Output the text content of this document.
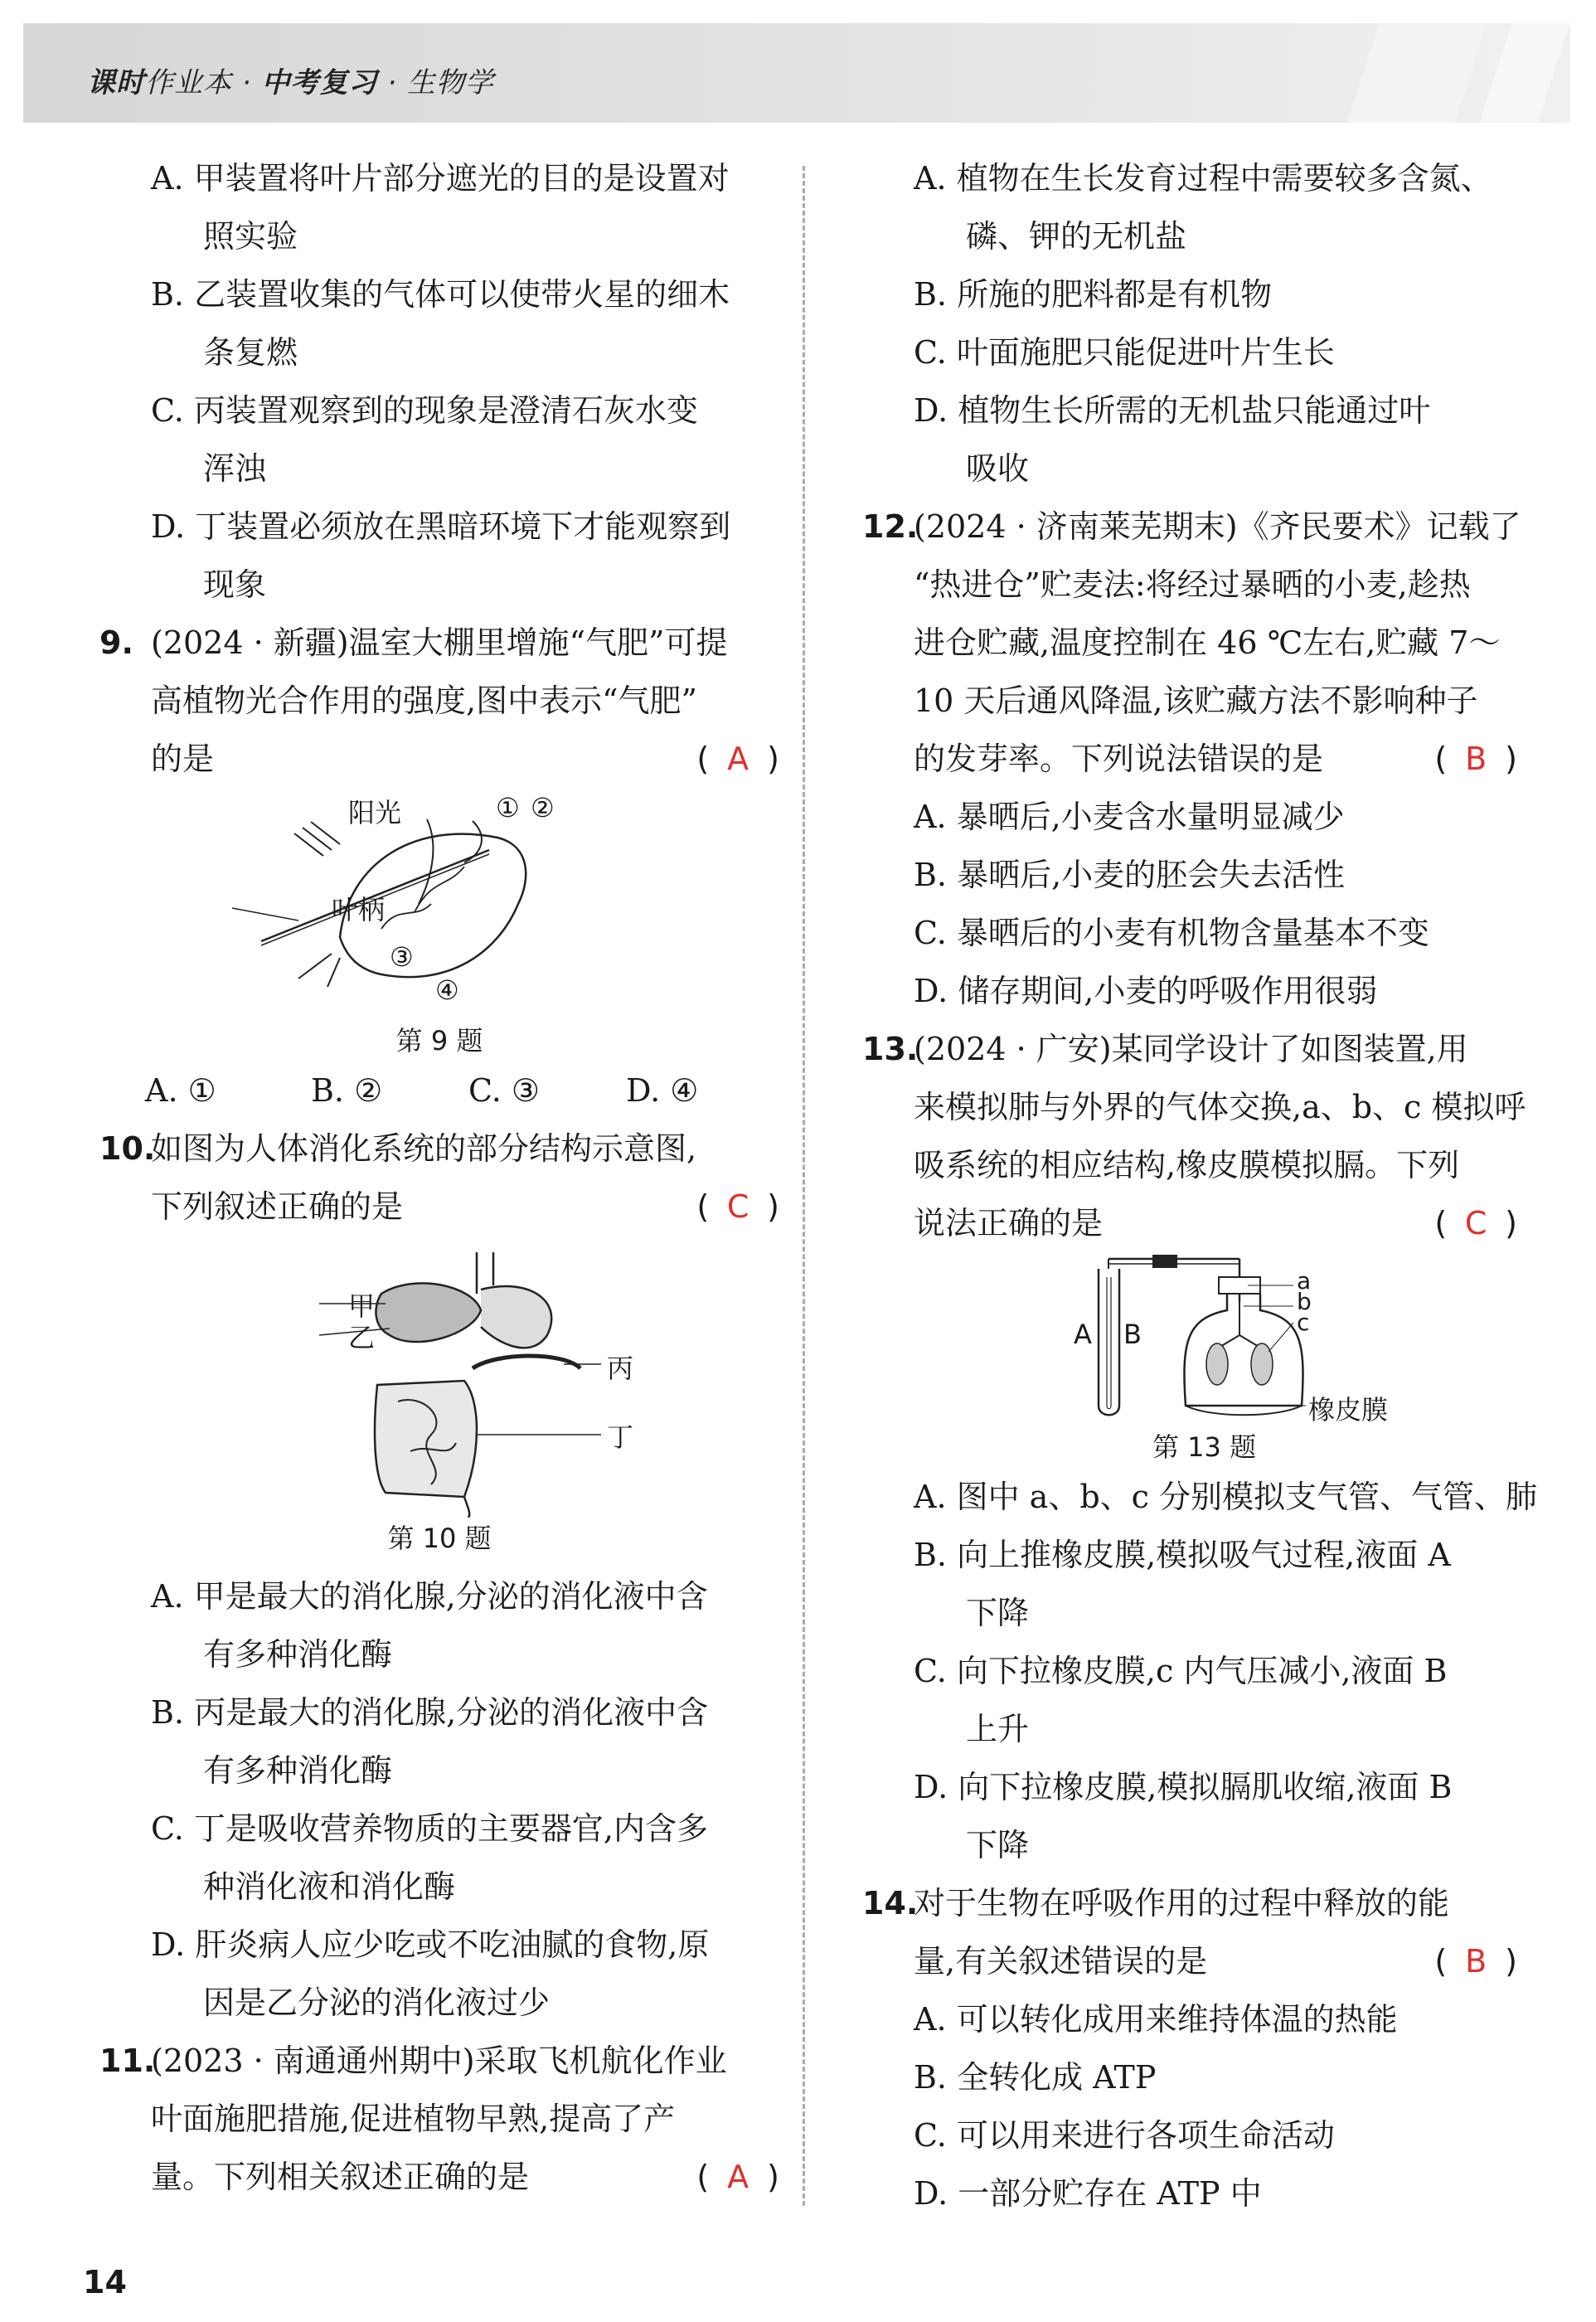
课时作业本 · 中考复习 · 生物学
A. 甲装置将叶片部分遮光的目的是设置对
照实验
B. 乙装置收集的气体可以使带火星的细木
条复燃
C. 丙装置观察到的现象是澄清石灰水变
浑浊
D. 丁装置必须放在黑暗环境下才能观察到
现象
9. (2024 · 新疆)温室大棚里增施“气肥”可提
高植物光合作用的强度,图中表示“气肥”
的是	( A )
阳光	① ②
叶柄
③
④
第 9 题
A. ①	B. ②	C. ③	D. ④
10.如图为人体消化系统的部分结构示意图,
下列叙述正确的是	( C )
甲
乙
丙
丁
第 10 题
A. 甲是最大的消化腺,分泌的消化液中含
有多种消化酶
B. 丙是最大的消化腺,分泌的消化液中含
有多种消化酶
C. 丁是吸收营养物质的主要器官,内含多
种消化液和消化酶
D. 肝炎病人应少吃或不吃油腻的食物,原
因是乙分泌的消化液过少
11.(2023 · 南通通州期中)采取飞机航化作业
叶面施肥措施,促进植物早熟,提高了产
量。下列相关叙述正确的是	( A )
A. 植物在生长发育过程中需要较多含氮、
磷、钾的无机盐
B. 所施的肥料都是有机物
C. 叶面施肥只能促进叶片生长
D. 植物生长所需的无机盐只能通过叶
吸收
12.(2024 · 济南莱芜期末)《齐民要术》记载了
“热进仓”贮麦法:将经过暴晒的小麦,趁热
进仓贮藏,温度控制在 46 ℃左右,贮藏 7～
10 天后通风降温,该贮藏方法不影响种子
的发芽率。下列说法错误的是	( B )
A. 暴晒后,小麦含水量明显减少
B. 暴晒后,小麦的胚会失去活性
C. 暴晒后的小麦有机物含量基本不变
D. 储存期间,小麦的呼吸作用很弱
13.(2024 · 广安)某同学设计了如图装置,用
来模拟肺与外界的气体交换,a、b、c 模拟呼
吸系统的相应结构,橡皮膜模拟膈。下列
说法正确的是	( C )
A B
a
b
c
橡皮膜
第 13 题
A. 图中 a、b、c 分别模拟支气管、气管、肺
B. 向上推橡皮膜,模拟吸气过程,液面 A
下降
C. 向下拉橡皮膜,c 内气压减小,液面 B
上升
D. 向下拉橡皮膜,模拟膈肌收缩,液面 B
下降
14.对于生物在呼吸作用的过程中释放的能
量,有关叙述错误的是	( B )
A. 可以转化成用来维持体温的热能
B. 全转化成 ATP
C. 可以用来进行各项生命活动
D. 一部分贮存在 ATP 中
14
